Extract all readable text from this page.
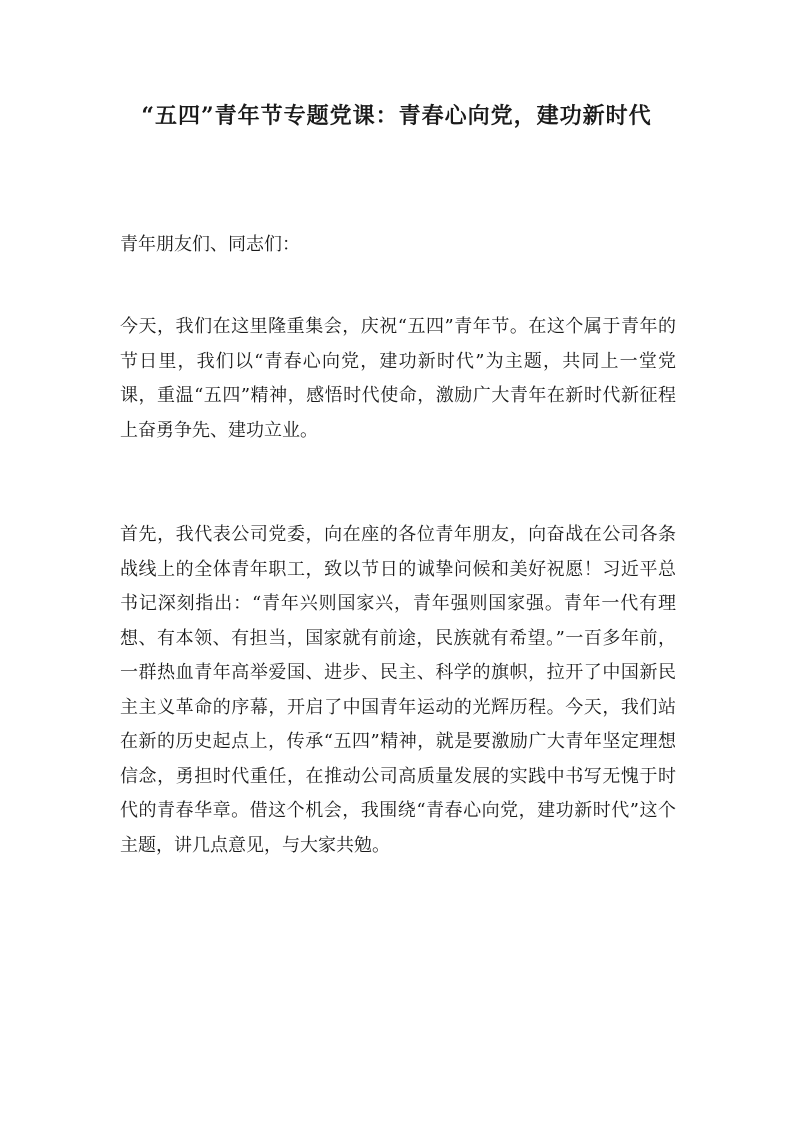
“五四”青年节专题党课：青春心向党，建功新时代

青年朋友们、同志们：

今天，我们在这里隆重集会，庆祝“五四”青年节。在这个属于青年的节日里，我们以“青春心向党，建功新时代”为主题，共同上一堂党课，重温“五四”精神，感悟时代使命，激励广大青年在新时代新征程上奋勇争先、建功立业。

首先，我代表公司党委，向在座的各位青年朋友，向奋战在公司各条战线上的全体青年职工，致以节日的诚挚问候和美好祝愿！习近平总书记深刻指出：“青年兴则国家兴，青年强则国家强。青年一代有理想、有本领、有担当，国家就有前途，民族就有希望。”一百多年前，一群热血青年高举爱国、进步、民主、科学的旗帜，拉开了中国新民主主义革命的序幕，开启了中国青年运动的光辉历程。今天，我们站在新的历史起点上，传承“五四”精神，就是要激励广大青年坚定理想信念，勇担时代重任，在推动公司高质量发展的实践中书写无愧于时代的青春华章。借这个机会，我围绕“青春心向党，建功新时代”这个主题，讲几点意见，与大家共勉。
